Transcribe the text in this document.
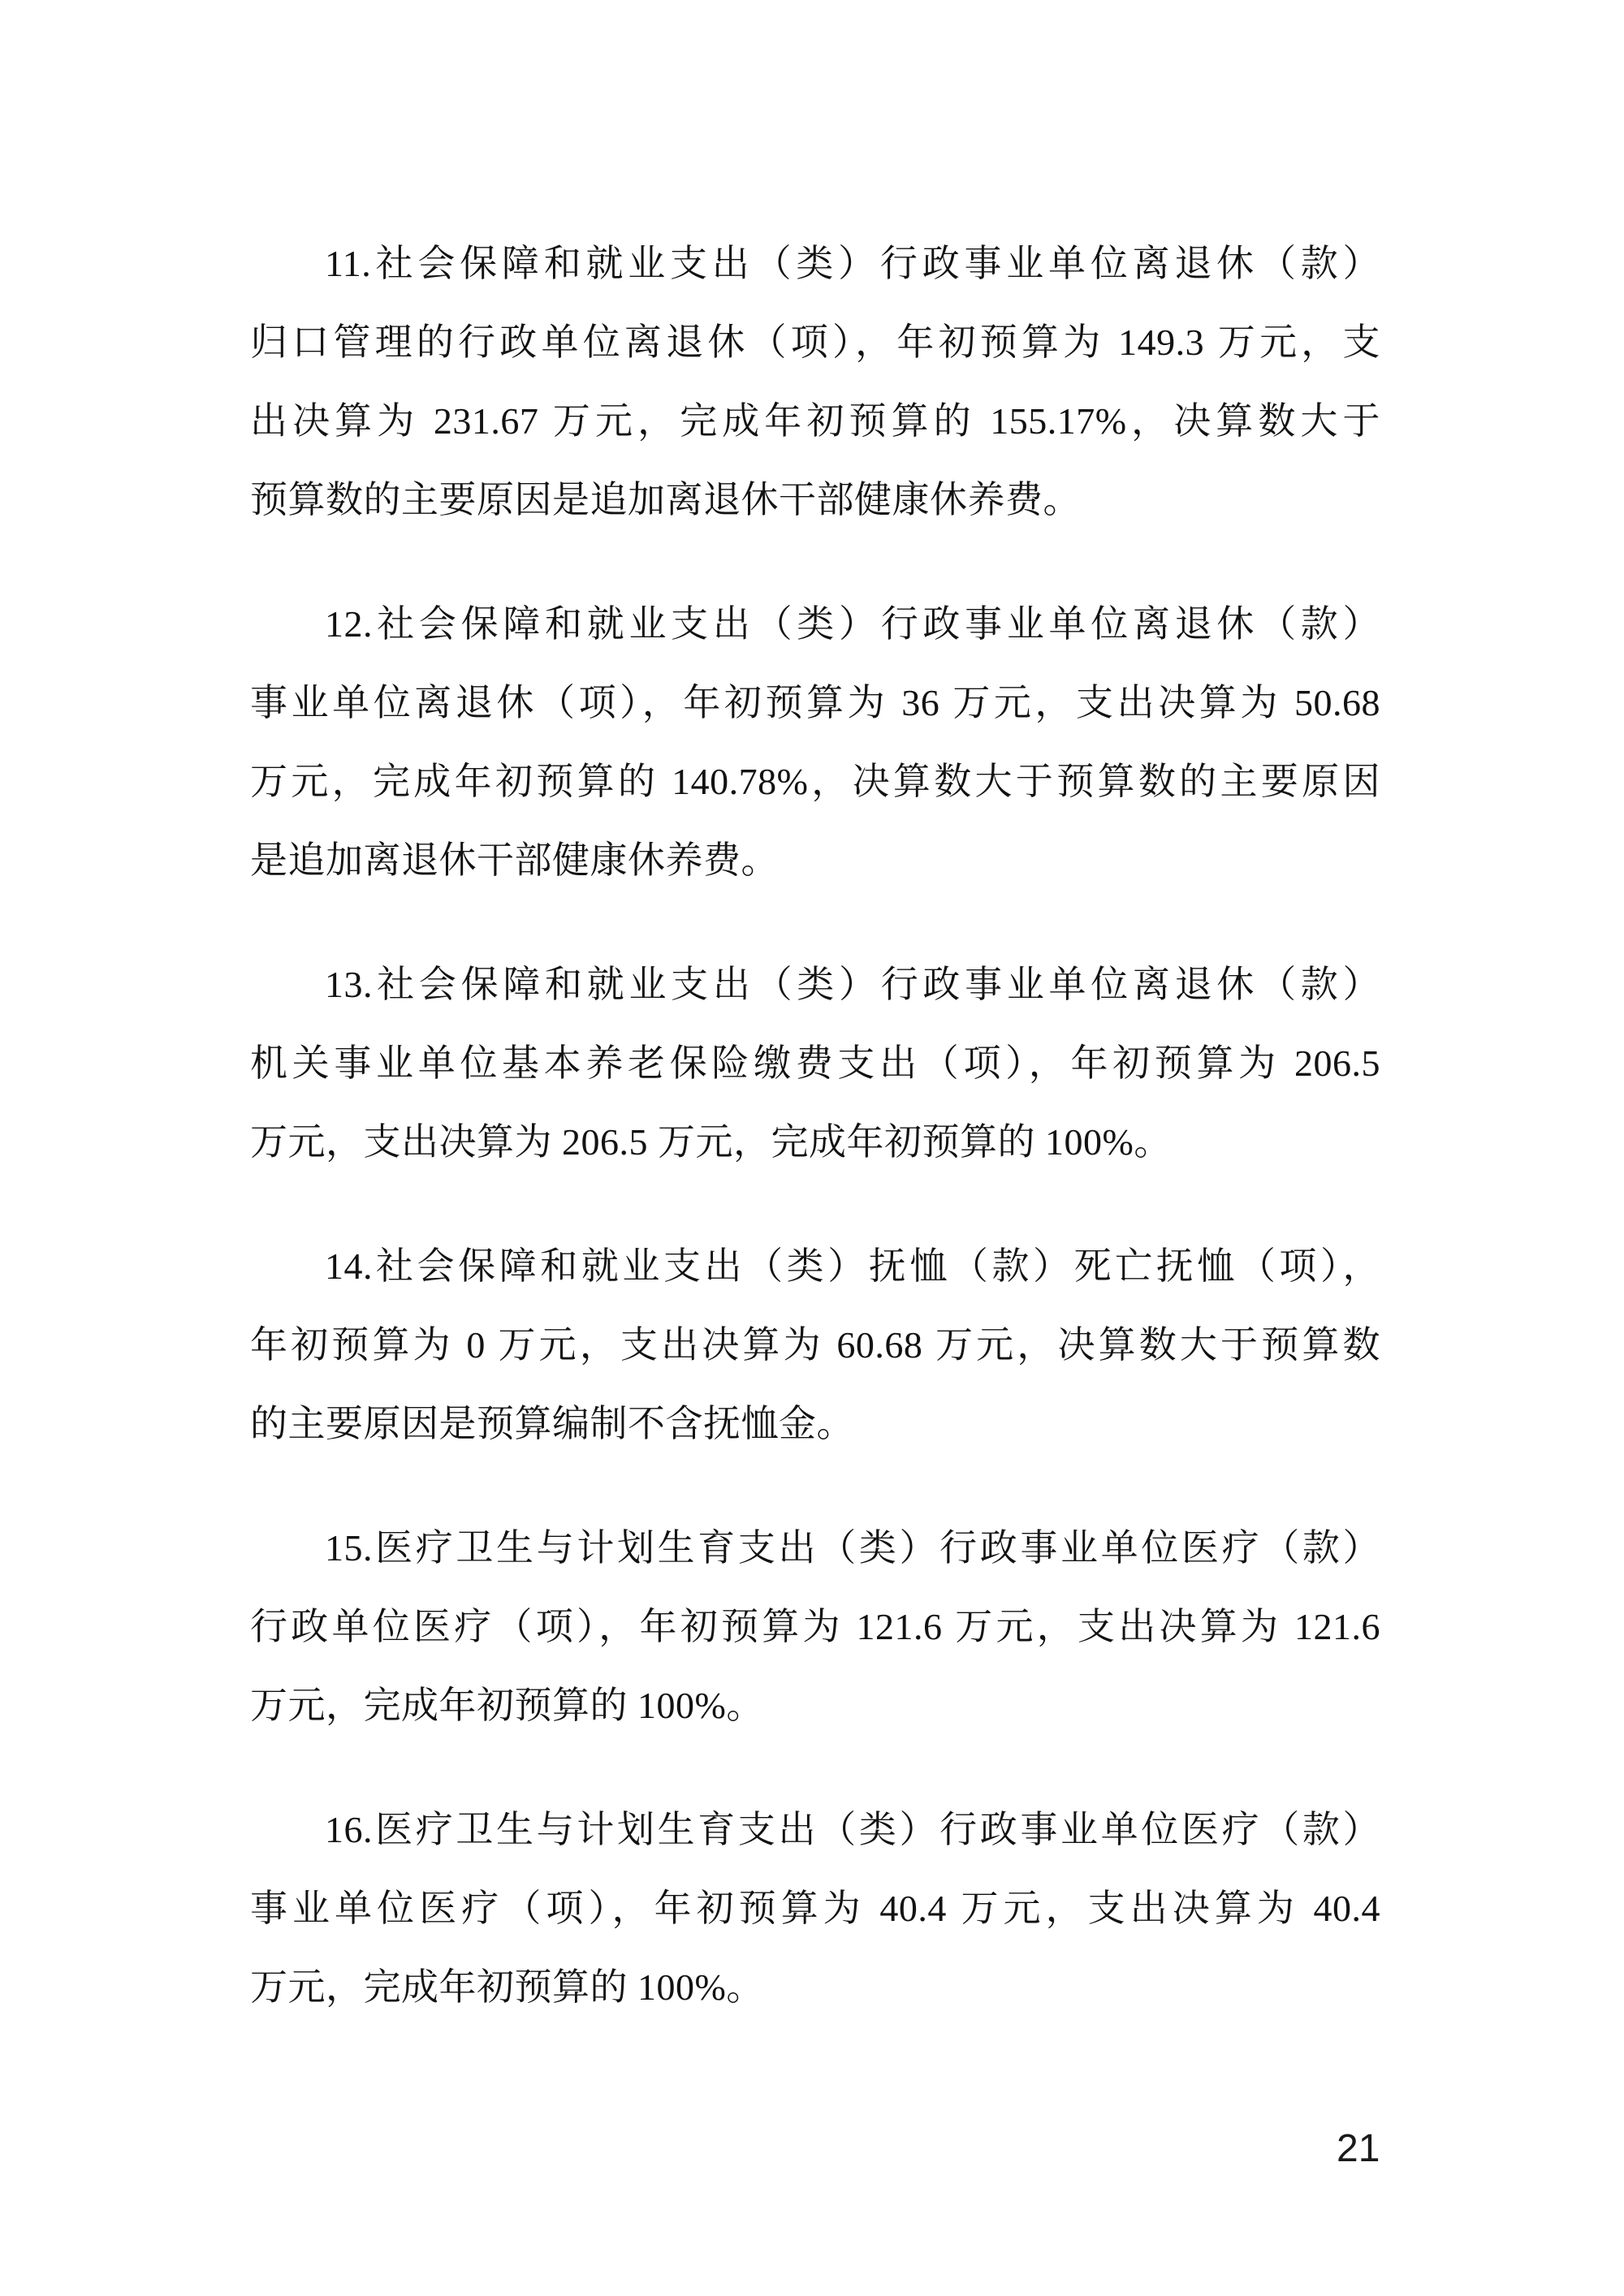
11.社会保障和就业支出（类）行政事业单位离退休（款）
归口管理的行政单位离退休（项），年初预算为 149.3 万元，支
出决算为 231.67 万元，完成年初预算的 155.17%，决算数大于
预算数的主要原因是追加离退休干部健康休养费。

12.社会保障和就业支出（类）行政事业单位离退休（款）
事业单位离退休（项），年初预算为 36 万元，支出决算为 50.68
万元，完成年初预算的 140.78%，决算数大于预算数的主要原因
是追加离退休干部健康休养费。

13.社会保障和就业支出（类）行政事业单位离退休（款）
机关事业单位基本养老保险缴费支出（项），年初预算为 206.5
万元，支出决算为 206.5 万元，完成年初预算的 100%。

14.社会保障和就业支出（类）抚恤（款）死亡抚恤（项），
年初预算为 0 万元，支出决算为 60.68 万元，决算数大于预算数
的主要原因是预算编制不含抚恤金。

15.医疗卫生与计划生育支出（类）行政事业单位医疗（款）
行政单位医疗（项），年初预算为 121.6 万元，支出决算为 121.6
万元，完成年初预算的 100%。

16.医疗卫生与计划生育支出（类）行政事业单位医疗（款）
事业单位医疗（项），年初预算为 40.4 万元，支出决算为 40.4
万元，完成年初预算的 100%。

21
